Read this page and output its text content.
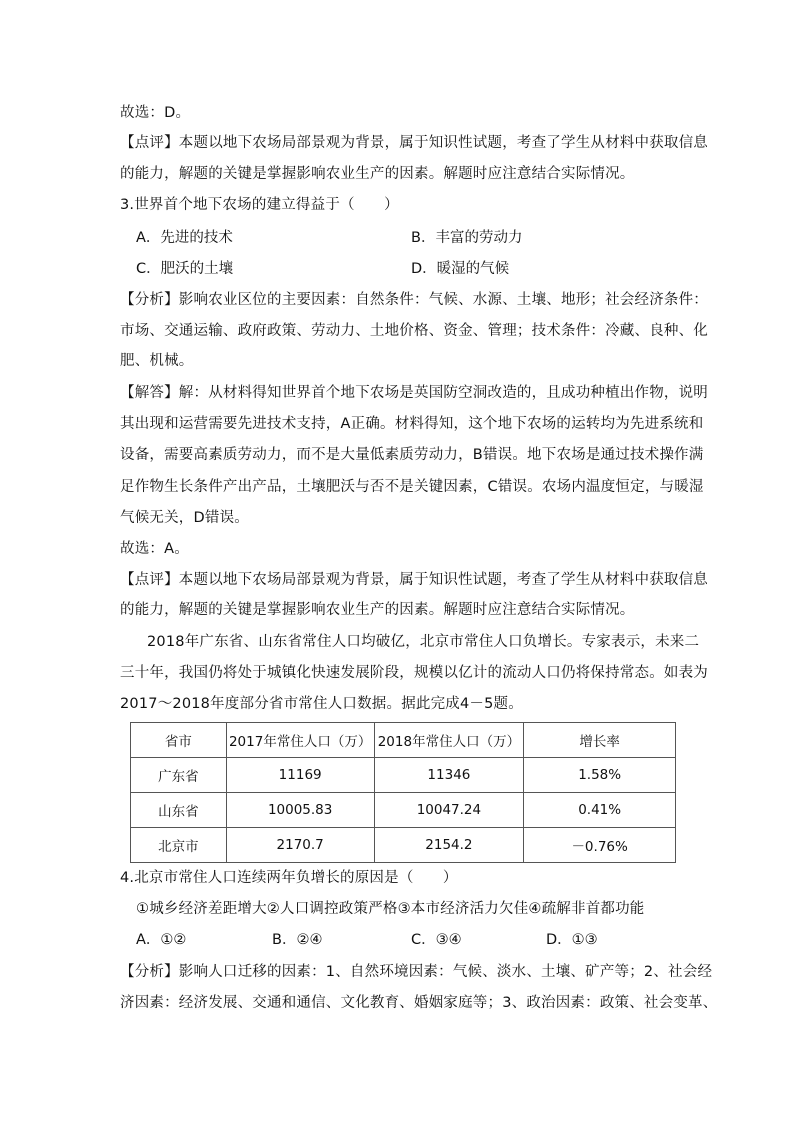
故选：D。
【点评】本题以地下农场局部景观为背景，属于知识性试题，考查了学生从材料中获取信息
的能力，解题的关键是掌握影响农业生产的因素。解题时应注意结合实际情况。
3.世界首个地下农场的建立得益于（　　）
A．先进的技术	B．丰富的劳动力
C．肥沃的土壤	D．暖湿的气候
【分析】影响农业区位的主要因素：自然条件：气候、水源、土壤、地形；社会经济条件：
市场、交通运输、政府政策、劳动力、土地价格、资金、管理；技术条件：冷藏、良种、化
肥、机械。
【解答】解：从材料得知世界首个地下农场是英国防空洞改造的，且成功种植出作物，说明
其出现和运营需要先进技术支持，A正确。材料得知，这个地下农场的运转均为先进系统和
设备，需要高素质劳动力，而不是大量低素质劳动力，B错误。地下农场是通过技术操作满
足作物生长条件产出产品，土壤肥沃与否不是关键因素，C错误。农场内温度恒定，与暖湿
气候无关，D错误。
故选：A。
【点评】本题以地下农场局部景观为背景，属于知识性试题，考查了学生从材料中获取信息
的能力，解题的关键是掌握影响农业生产的因素。解题时应注意结合实际情况。
2018年广东省、山东省常住人口均破亿，北京市常住人口负增长。专家表示，未来二
三十年，我国仍将处于城镇化快速发展阶段，规模以亿计的流动人口仍将保持常态。如表为
2017～2018年度部分省市常住人口数据。据此完成4－5题。
省市	2017年常住人口（万）	2018年常住人口（万）	增长率
广东省	11169	11346	1.58%
山东省	10005.83	10047.24	0.41%
北京市	2170.7	2154.2	－0.76%
4.北京市常住人口连续两年负增长的原因是（　　）
①城乡经济差距增大②人口调控政策严格③本市经济活力欠佳④疏解非首都功能
A．①②	B．②④	C．③④	D．①③
【分析】影响人口迁移的因素：1、自然环境因素：气候、淡水、土壤、矿产等；2、社会经
济因素：经济发展、交通和通信、文化教育、婚姻家庭等；3、政治因素：政策、社会变革、
